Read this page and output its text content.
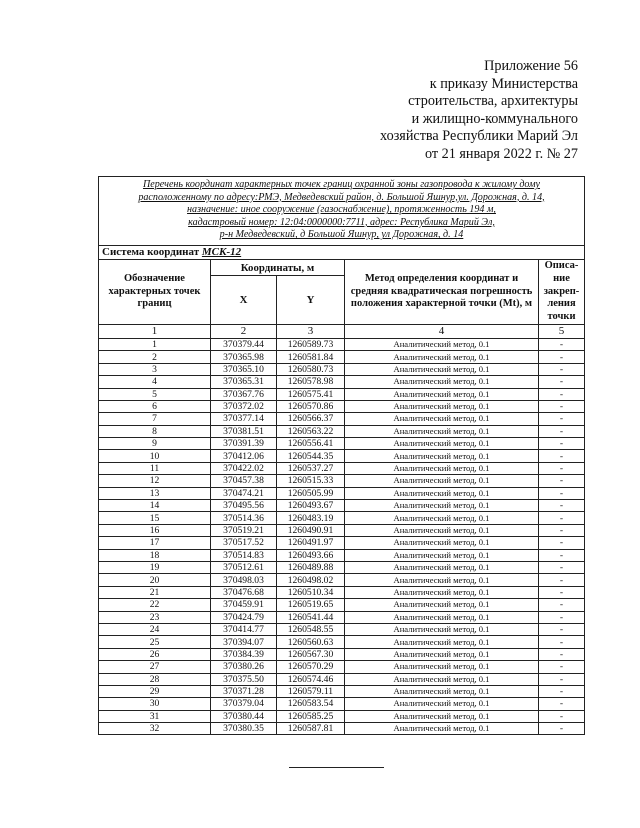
Приложение 56
к приказу Министерства
строительства, архитектуры
и жилищно-коммунального
хозяйства Республики Марий Эл
от 21 января 2022 г. № 27
Перечень координат характерных точек границ охранной зоны газопровода к жилому дому
расположенному по адресу:РМЭ, Медведевский район, д. Большой Яшнур,ул. Дорожная, д. 14,
назначение: иное сооружение (газоснабжение), протяженность 194 м,
кадастровый номер: 12:04:0000000:7711, адрес: Республика Марий Эл,
р-н Медведевский, д Большой Яшнур, ул Дорожная, д. 14				

Система координат МСК-12				
Обозначение характерных точек границ	Координаты, м		Метод определения координат и средняя квадратическая погрешность положения характерной точки (Mt), м	Описа-ние закреп-ления точки
	X	Y		
1	2	3	4	5
1	370379.44	1260589.73	Аналитический метод, 0.1	-
2	370365.98	1260581.84	Аналитический метод, 0.1	-
3	370365.10	1260580.73	Аналитический метод, 0.1	-
4	370365.31	1260578.98	Аналитический метод, 0.1	-
5	370367.76	1260575.41	Аналитический метод, 0.1	-
6	370372.02	1260570.86	Аналитический метод, 0.1	-
7	370377.14	1260566.37	Аналитический метод, 0.1	-
8	370381.51	1260563.22	Аналитический метод, 0.1	-
9	370391.39	1260556.41	Аналитический метод, 0.1	-
10	370412.06	1260544.35	Аналитический метод, 0.1	-
11	370422.02	1260537.27	Аналитический метод, 0.1	-
12	370457.38	1260515.33	Аналитический метод, 0.1	-
13	370474.21	1260505.99	Аналитический метод, 0.1	-
14	370495.56	1260493.67	Аналитический метод, 0.1	-
15	370514.36	1260483.19	Аналитический метод, 0.1	-
16	370519.21	1260490.91	Аналитический метод, 0.1	-
17	370517.52	1260491.97	Аналитический метод, 0.1	-
18	370514.83	1260493.66	Аналитический метод, 0.1	-
19	370512.61	1260489.88	Аналитический метод, 0.1	-
20	370498.03	1260498.02	Аналитический метод, 0.1	-
21	370476.68	1260510.34	Аналитический метод, 0.1	-
22	370459.91	1260519.65	Аналитический метод, 0.1	-
23	370424.79	1260541.44	Аналитический метод, 0.1	-
24	370414.77	1260548.55	Аналитический метод, 0.1	-
25	370394.07	1260560.63	Аналитический метод, 0.1	-
26	370384.39	1260567.30	Аналитический метод, 0.1	-
27	370380.26	1260570.29	Аналитический метод, 0.1	-
28	370375.50	1260574.46	Аналитический метод, 0.1	-
29	370371.28	1260579.11	Аналитический метод, 0.1	-
30	370379.04	1260583.54	Аналитический метод, 0.1	-
31	370380.44	1260585.25	Аналитический метод, 0.1	-
32	370380.35	1260587.81	Аналитический метод, 0.1	-
